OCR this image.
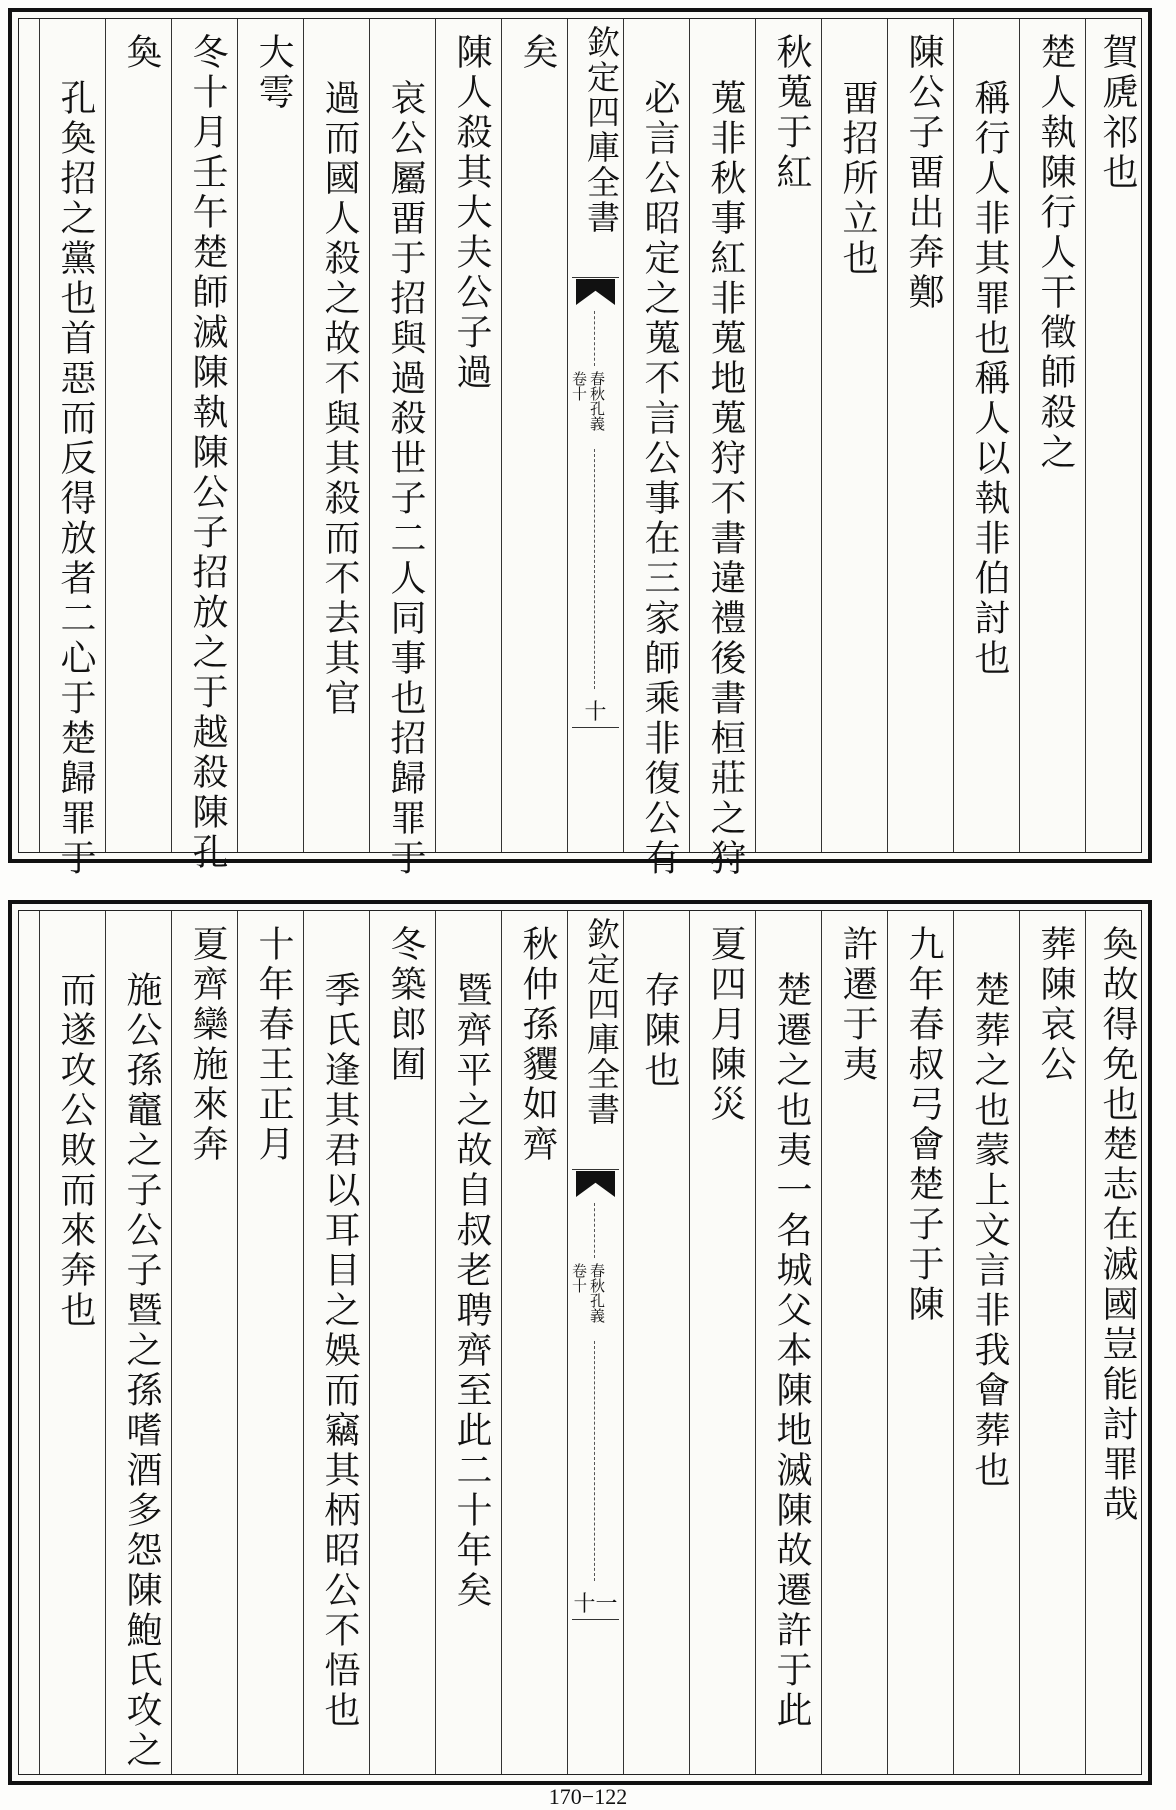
賀虒祁也
楚人執陳行人干徵師殺之
稱行人非其罪也稱人以執非伯討也
陳公子畱出奔鄭
畱招所立也
秋蒐于紅
蒐非秋事紅非蒐地蒐狩不書違禮後書桓莊之狩
必言公昭定之蒐不言公事在三家師乘非復公有
欽定四庫全書
春秋孔義
卷十
十
矣
陳人殺其大夫公子過
哀公屬畱于招與過殺世子二人同事也招歸罪于
過而國人殺之故不與其殺而不去其官
大雩
冬十月壬午楚師滅陳執陳公子招放之于越殺陳孔
奐
孔奐招之黨也首惡而反得放者二心于楚歸罪于
奐故得免也楚志在滅國豈能討罪哉
葬陳哀公
楚葬之也蒙上文言非我會葬也
九年春叔弓會楚子于陳
許遷于夷
楚遷之也夷一名城父本陳地滅陳故遷許于此
夏四月陳災
存陳也
欽定四庫全書
春秋孔義
卷十
十一
秋仲孫貜如齊
暨齊平之故自叔老聘齊至此二十年矣
冬築郎囿
季氏逢其君以耳目之娛而竊其柄昭公不悟也
十年春王正月
夏齊欒施來奔
施公孫竈之子公子暨之孫嗜酒多怨陳鮑氏攻之
而遂攻公敗而來奔也
170−122
